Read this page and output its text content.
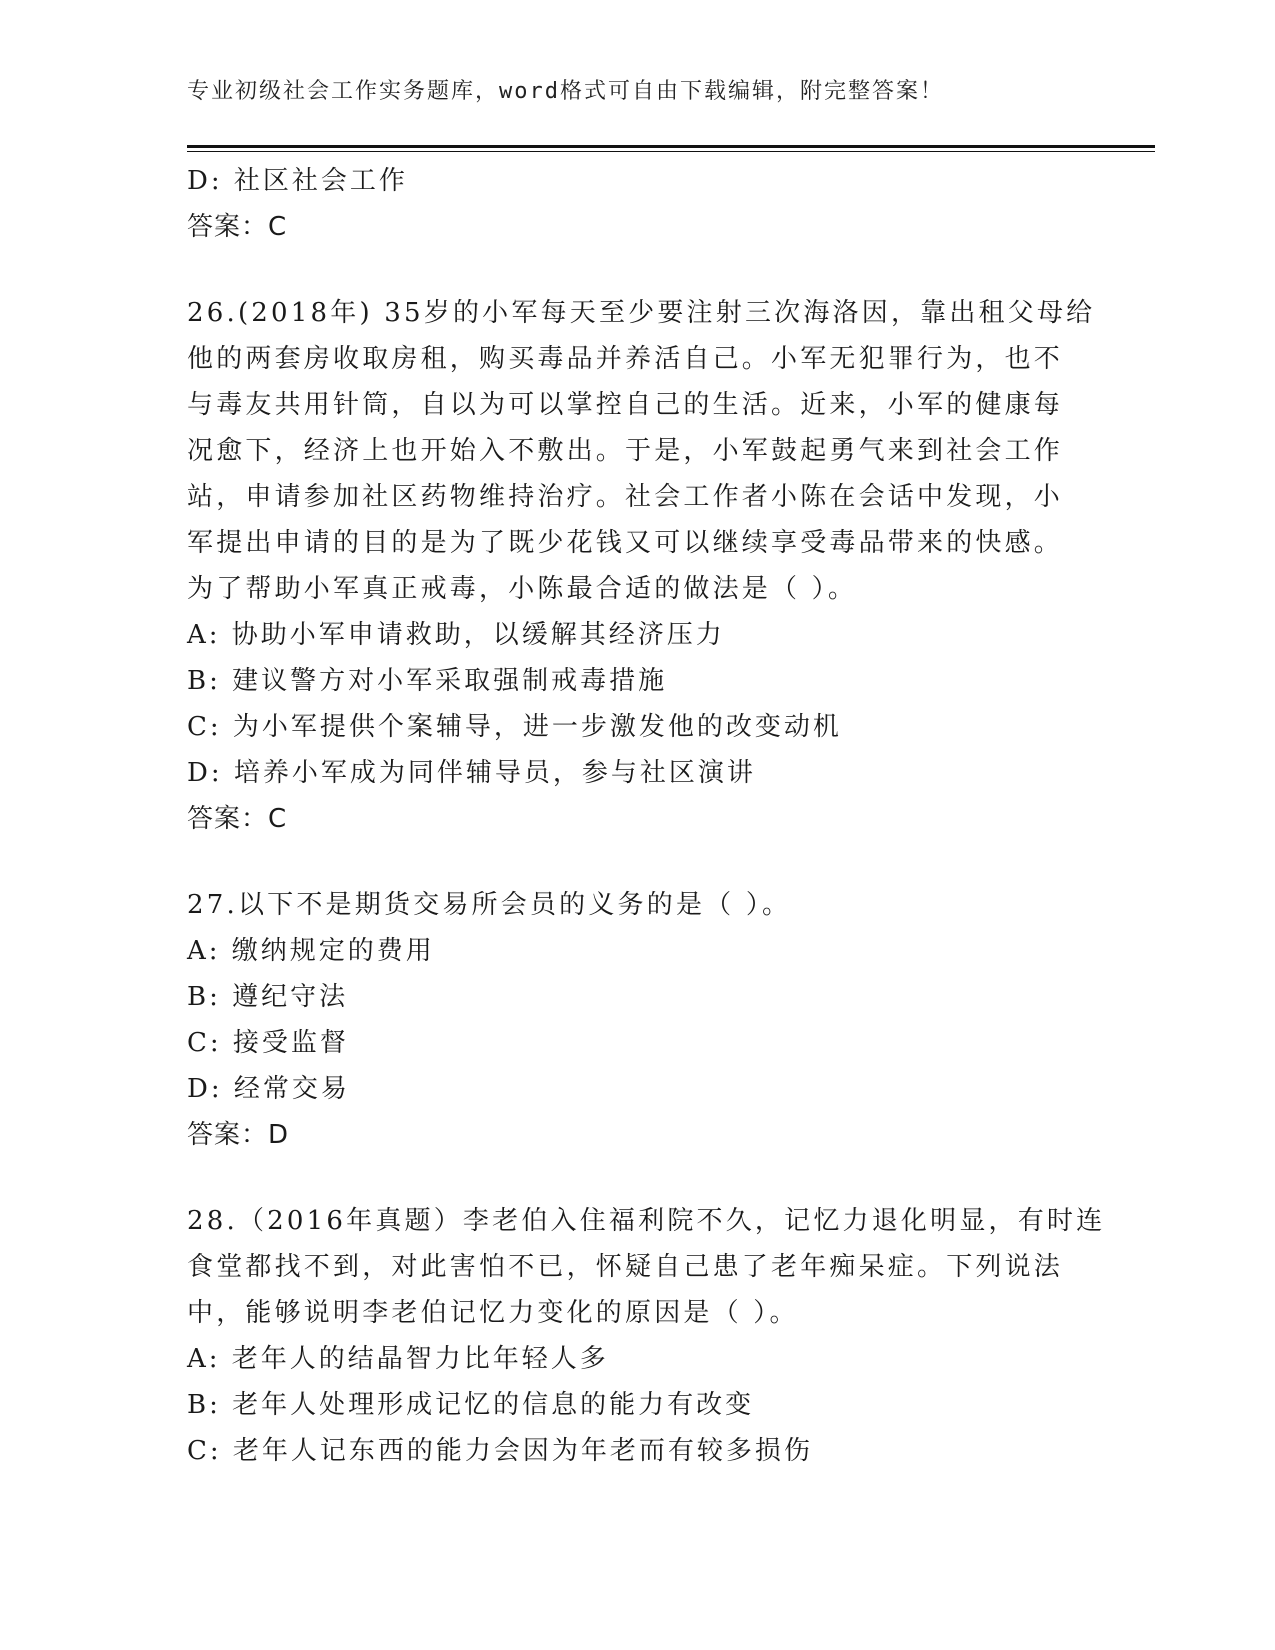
专业初级社会工作实务题库，word格式可自由下载编辑，附完整答案！
D: 社区社会工作
答案：C
26.(2018年) 35岁的小军每天至少要注射三次海洛因，靠出租父母给
他的两套房收取房租，购买毒品并养活自己。小军无犯罪行为，也不
与毒友共用针筒，自以为可以掌控自己的生活。近来，小军的健康每
况愈下，经济上也开始入不敷出。于是，小军鼓起勇气来到社会工作
站，申请参加社区药物维持治疗。社会工作者小陈在会话中发现，小
军提出申请的目的是为了既少花钱又可以继续享受毒品带来的快感。
为了帮助小军真正戒毒，小陈最合适的做法是（ ）。
A: 协助小军申请救助，以缓解其经济压力
B: 建议警方对小军采取强制戒毒措施
C: 为小军提供个案辅导，进一步激发他的改变动机
D: 培养小军成为同伴辅导员，参与社区演讲
答案：C
27.以下不是期货交易所会员的义务的是（ ）。
A: 缴纳规定的费用
B: 遵纪守法
C: 接受监督
D: 经常交易
答案：D
28.（2016年真题）李老伯入住福利院不久，记忆力退化明显，有时连
食堂都找不到，对此害怕不已，怀疑自己患了老年痴呆症。下列说法
中，能够说明李老伯记忆力变化的原因是（ ）。
A: 老年人的结晶智力比年轻人多
B: 老年人处理形成记忆的信息的能力有改变
C: 老年人记东西的能力会因为年老而有较多损伤
